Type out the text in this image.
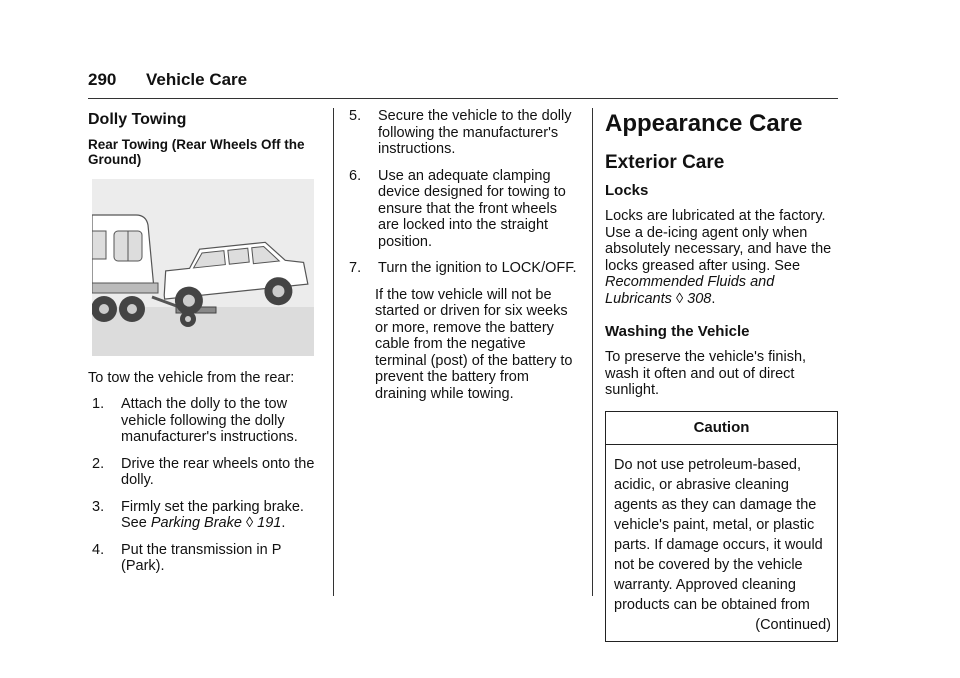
290 Vehicle Care
Dolly Towing
Rear Towing (Rear Wheels Off the Ground)

To tow the vehicle from the rear:

1. Attach the dolly to the tow vehicle following the dolly manufacturer's instructions.
2. Drive the rear wheels onto the dolly.
3. Firmly set the parking brake. See Parking Brake ◊ 191.
4. Put the transmission in P (Park).
5. Secure the vehicle to the dolly following the manufacturer's instructions.
6. Use an adequate clamping device designed for towing to ensure that the front wheels are locked into the straight position.
7. Turn the ignition to LOCK/OFF.

If the tow vehicle will not be started or driven for six weeks or more, remove the battery cable from the negative terminal (post) of the battery to prevent the battery from draining while towing.

Appearance Care
Exterior Care
Locks

Locks are lubricated at the factory. Use a de-icing agent only when absolutely necessary, and have the locks greased after using. See Recommended Fluids and Lubricants ◊ 308.

Washing the Vehicle

To preserve the vehicle's finish, wash it often and out of direct sunlight.

Caution
Do not use petroleum-based, acidic, or abrasive cleaning agents as they can damage the vehicle's paint, metal, or plastic parts. If damage occurs, it would not be covered by the vehicle warranty. Approved cleaning products can be obtained from
(Continued)
